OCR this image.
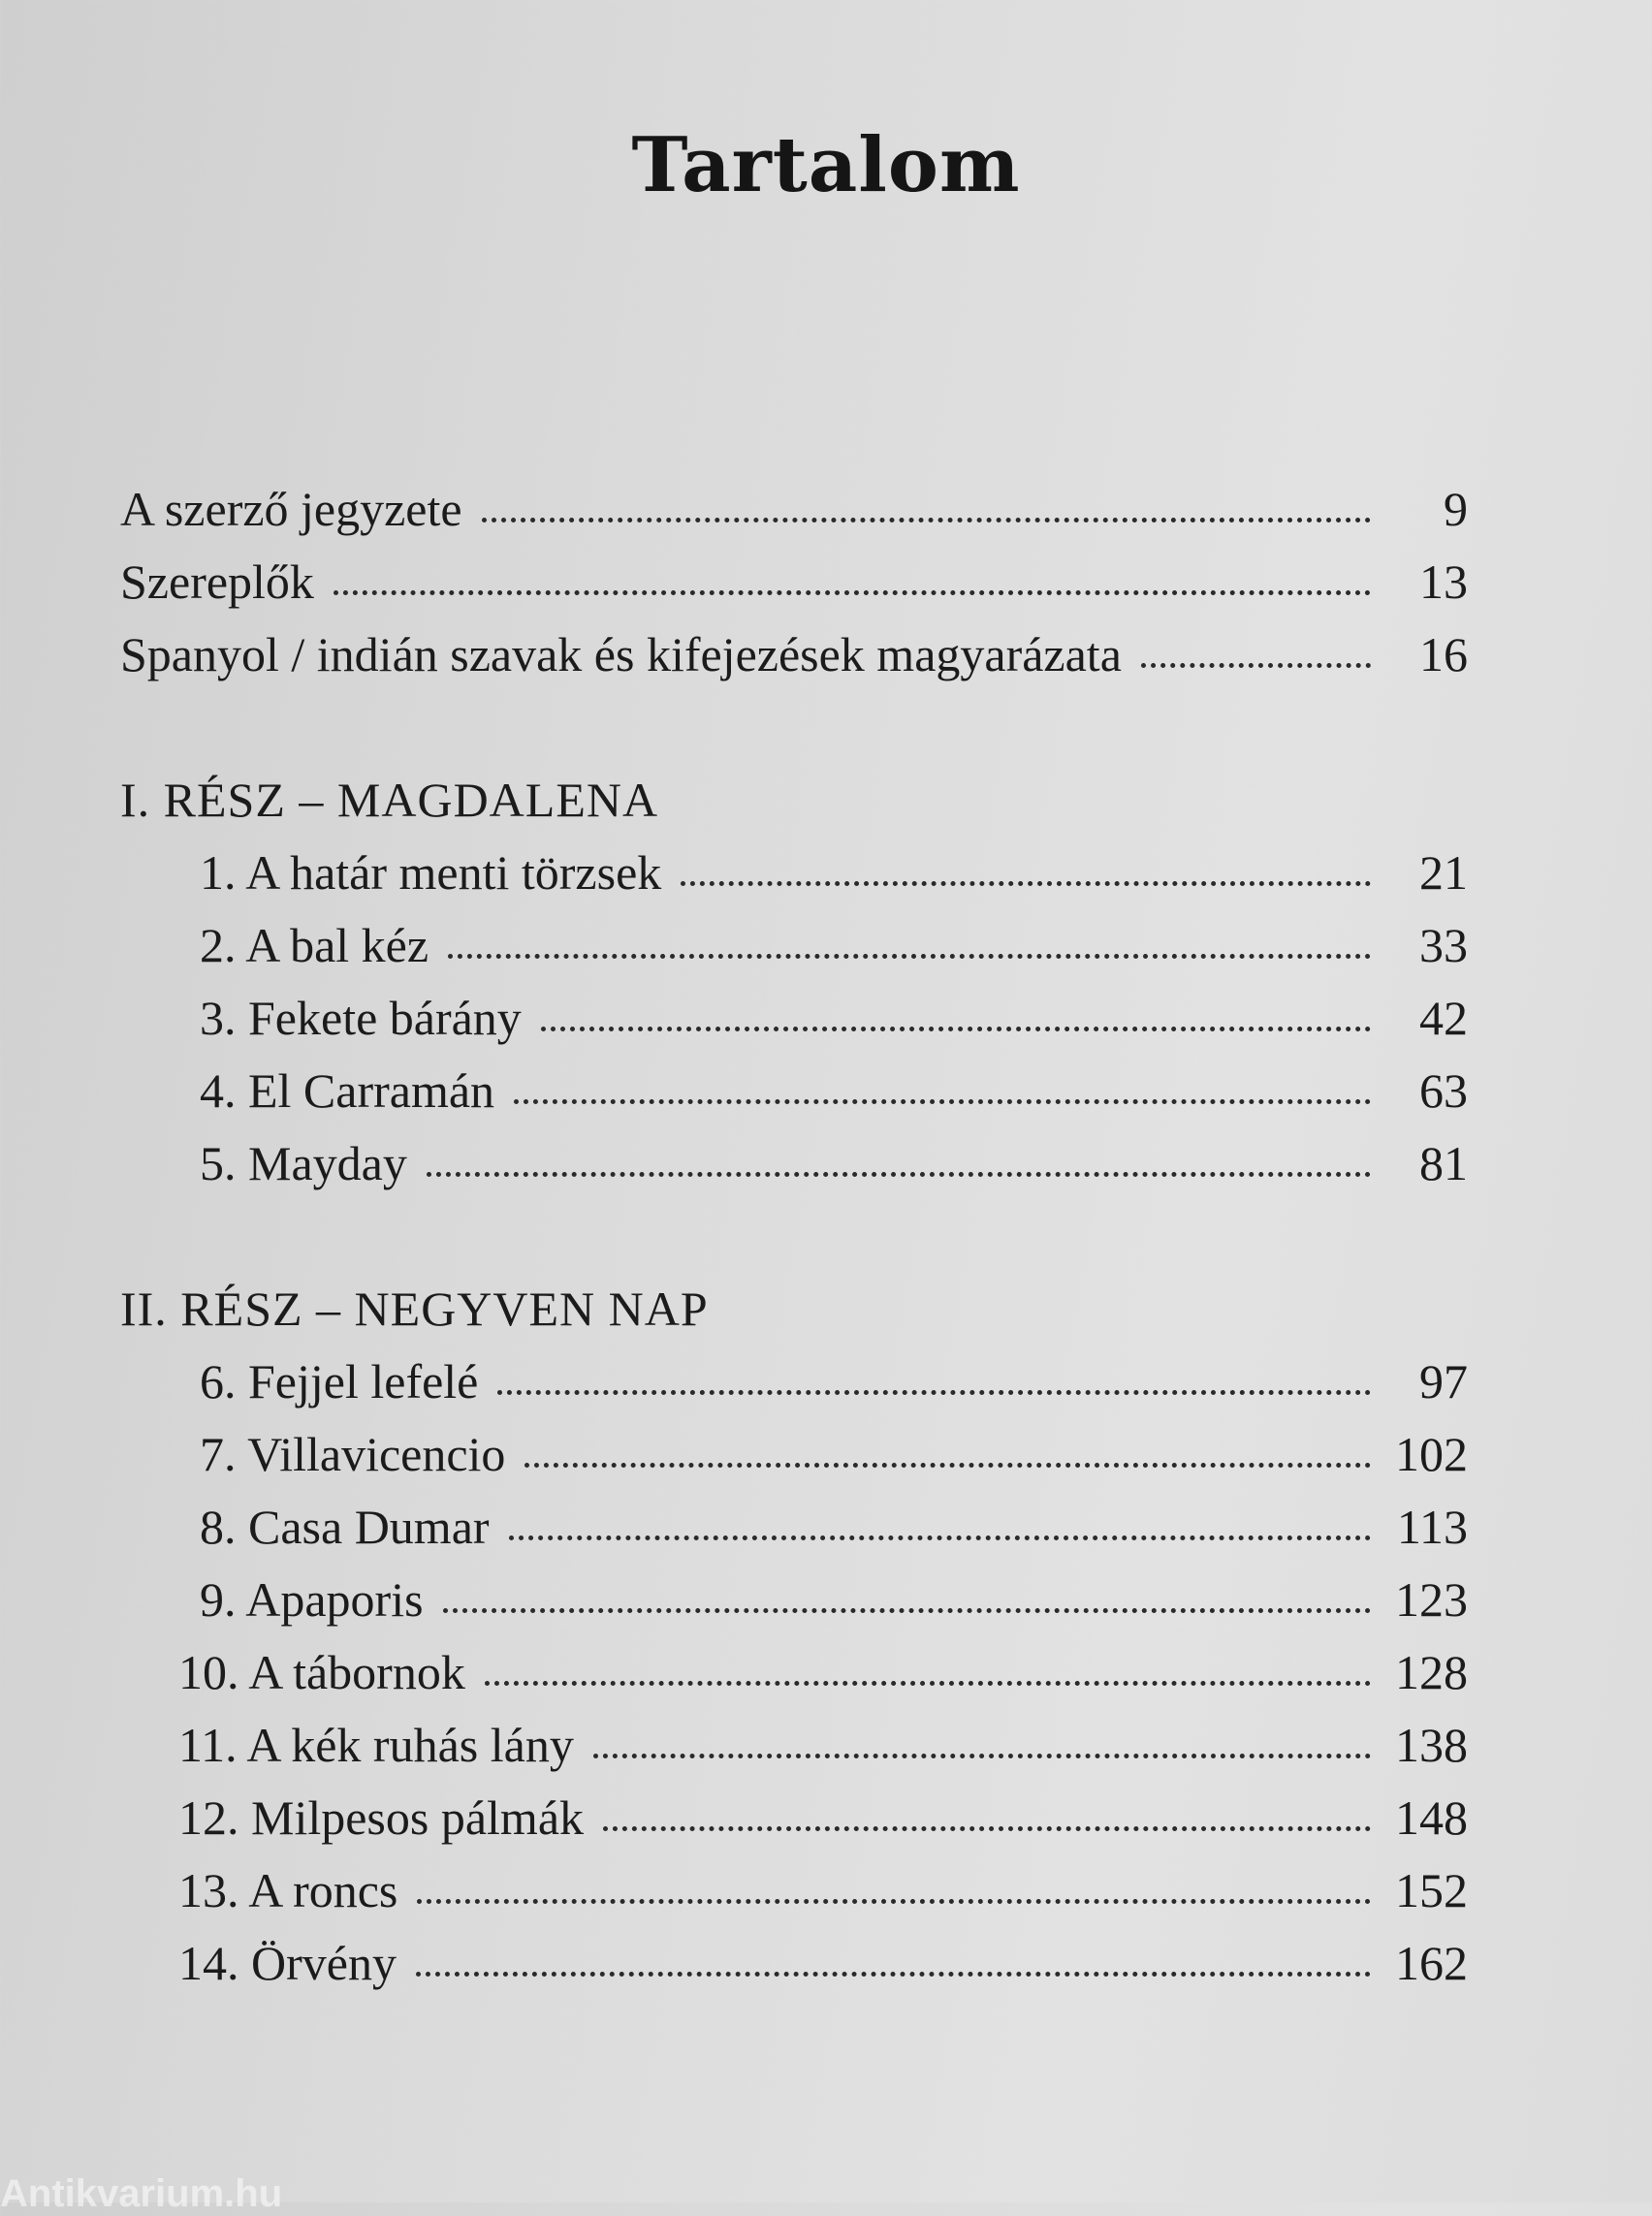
Tartalom
A szerző jegyzete	9
Szereplők	13
Spanyol / indián szavak és kifejezések magyarázata	16
I. RÉSZ – MAGDALENA
1. A határ menti törzsek	21
2. A bal kéz	33
3. Fekete bárány	42
4. El Carramán	63
5. Mayday	81
II. RÉSZ – NEGYVEN NAP
6. Fejjel lefelé	97
7. Villavicencio	102
8. Casa Dumar	113
9. Apaporis	123
10. A tábornok	128
11. A kék ruhás lány	138
12. Milpesos pálmák	148
13. A roncs	152
14. Örvény	162
Antikvarium.hu
